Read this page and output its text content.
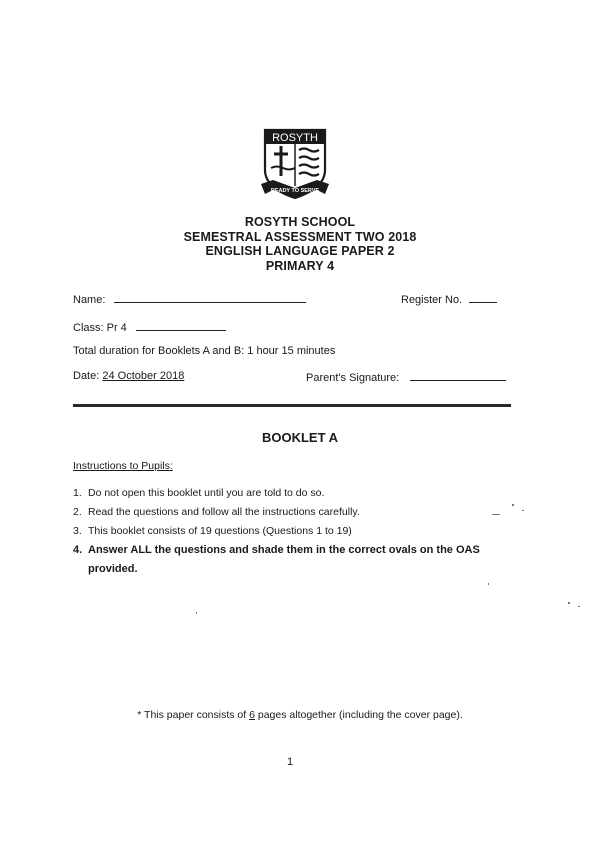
ROSYTH
READY TO SERVE
ROSYTH SCHOOL
SEMESTRAL ASSESSMENT TWO 2018
ENGLISH LANGUAGE PAPER 2
PRIMARY 4
Name:	Register No.
Class: Pr 4
Total duration for Booklets A and B: 1 hour 15 minutes
Date: 24 October 2018	Parent's Signature:
BOOKLET A
Instructions to Pupils:
1. Do not open this booklet until you are told to do so.
2. Read the questions and follow all the instructions carefully.
3. This booklet consists of 19 questions (Questions 1 to 19)
4. Answer ALL the questions and shade them in the correct ovals on the OAS provided.
* This paper consists of 6 pages altogether (including the cover page).
1
